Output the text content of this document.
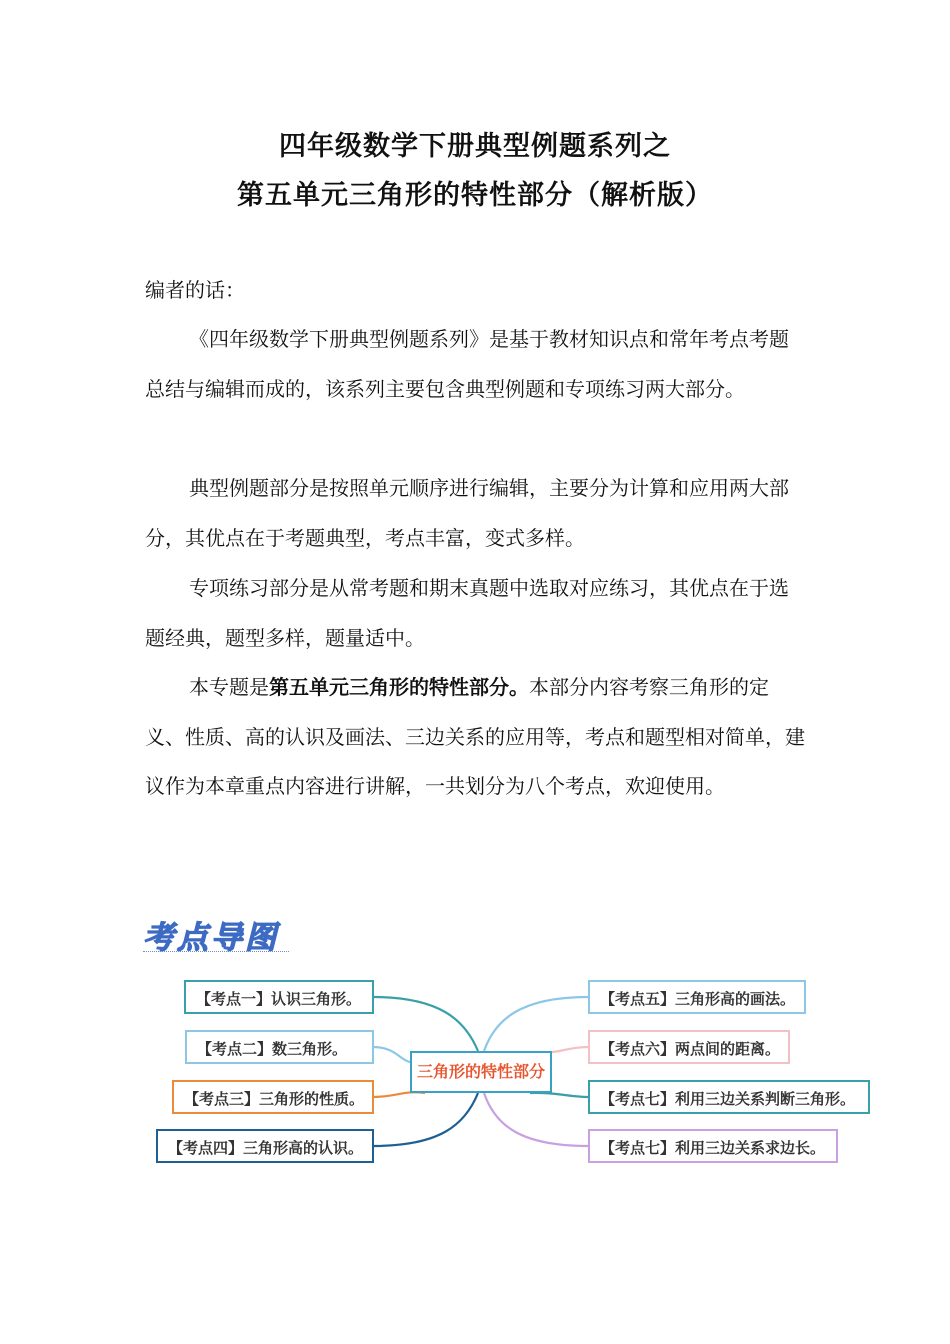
四年级数学下册典型例题系列之
第五单元三角形的特性部分（解析版）
编者的话：
《四年级数学下册典型例题系列》是基于教材知识点和常年考点考题总结与编辑而成的，该系列主要包含典型例题和专项练习两大部分。
典型例题部分是按照单元顺序进行编辑，主要分为计算和应用两大部分，其优点在于考题典型，考点丰富，变式多样。
专项练习部分是从常考题和期末真题中选取对应练习，其优点在于选题经典，题型多样，题量适中。
本专题是第五单元三角形的特性部分。本部分内容考察三角形的定义、性质、高的认识及画法、三边关系的应用等，考点和题型相对简单，建议作为本章重点内容进行讲解，一共划分为八个考点，欢迎使用。
考点导图
三角形的特性部分
【考点一】认识三角形。
【考点二】数三角形。
【考点三】三角形的性质。
【考点四】三角形高的认识。
【考点五】三角形高的画法。
【考点六】两点间的距离。
【考点七】利用三边关系判断三角形。
【考点七】利用三边关系求边长。
